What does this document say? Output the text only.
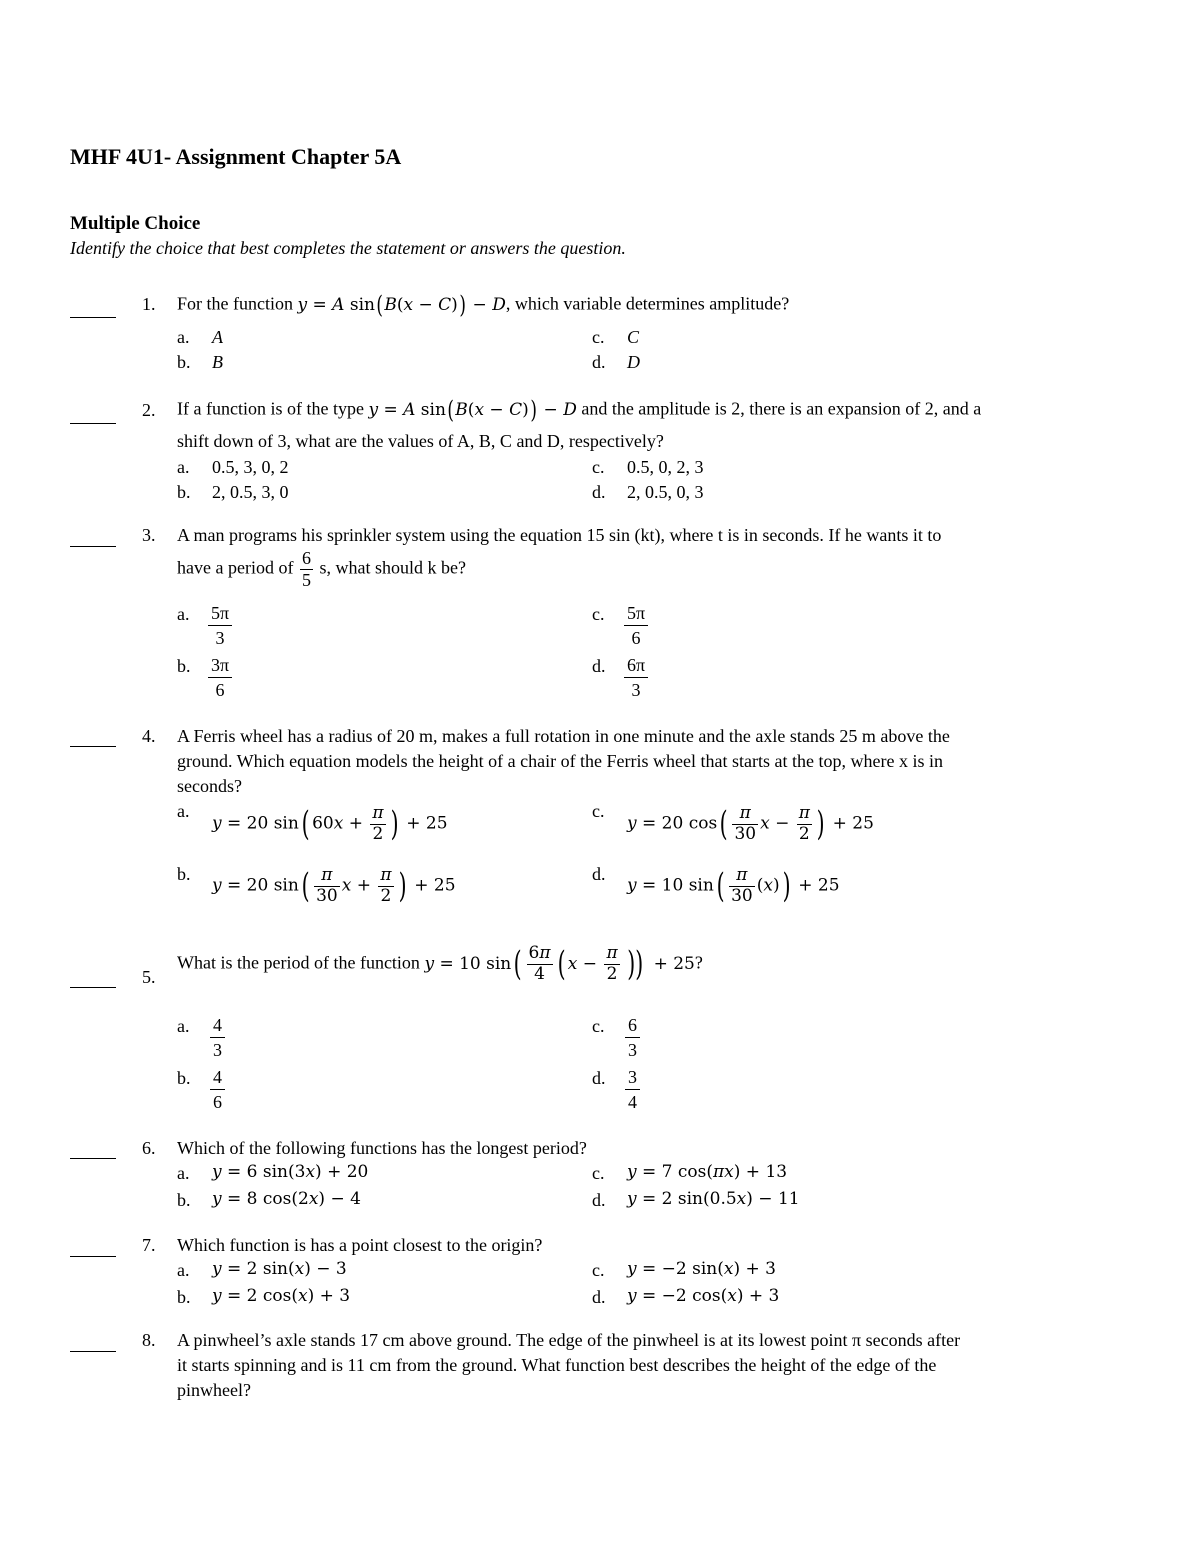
MHF 4U1- Assignment Chapter 5A
Multiple Choice
Identify the choice that best completes the statement or answers the question.
1. For the function y = A sin(B(x − C)) − D, which variable determines amplitude?
a. A
b. B
c. C
d. D
2. If a function is of the type y = A sin(B(x − C)) − D and the amplitude is 2, there is an expansion of 2, and a
shift down of 3, what are the values of A, B, C and D, respectively?
a. 0.5, 3, 0, 2
b. 2, 0.5, 3, 0
c. 0.5, 0, 2, 3
d. 2, 0.5, 0, 3
3. A man programs his sprinkler system using the equation 15 sin (kt), where t is in seconds. If he wants it to
have a period of $\frac{6}{5} s$, what should k be?
a. 5π
3
b. 3π
6
c. 5π
6
d. 6π
3
4. A Ferris wheel has a radius of 20 m, makes a full rotation in one minute and the axle stands 25 m above the
ground. Which equation models the height of a chair of the Ferris wheel that starts at the top, where x is in
seconds?
a.
y = 20 sin( $60x + \frac{\pi}{2}$ ) + 25
b.
y = 20 $\sin( \frac{\pi}{30}$ $x + \frac{\pi}{2}$ ) + 25
c.
y = 20 $\cos( \frac{\pi}{30}$ $x - \frac{\pi}{2}$ ) + 25
d.
y = 10 $\sin( \frac{\pi}{30} (x)) + 25$
5.
What is the period of the function y = 10 $\sin( \frac{6\pi}{4}$ ( $x - \frac{\pi}{2}$ )) + 25?
a. 4
3
b. 4
6
c. 6
3
d. 3
4
6. Which of the following functions has the longest period?
a. y = 6 sin(3x) + 20
b. y = 8 cos(2x) − 4
c. y = 7 cos(πx) + 13
d. y = 2 sin(0.5x) − 11
7. Which function is has a point closest to the origin?
a. y = 2 sin(x) − 3
b. y = 2 cos(x) + 3
c. y = −2 sin(x) + 3
d. y = −2 cos(x) + 3
8. A pinwheel’s axle stands 17 cm above ground. The edge of the pinwheel is at its lowest point π seconds after
it starts spinning and is 11 cm from the ground. What function best describes the height of the edge of the
pinwheel?
